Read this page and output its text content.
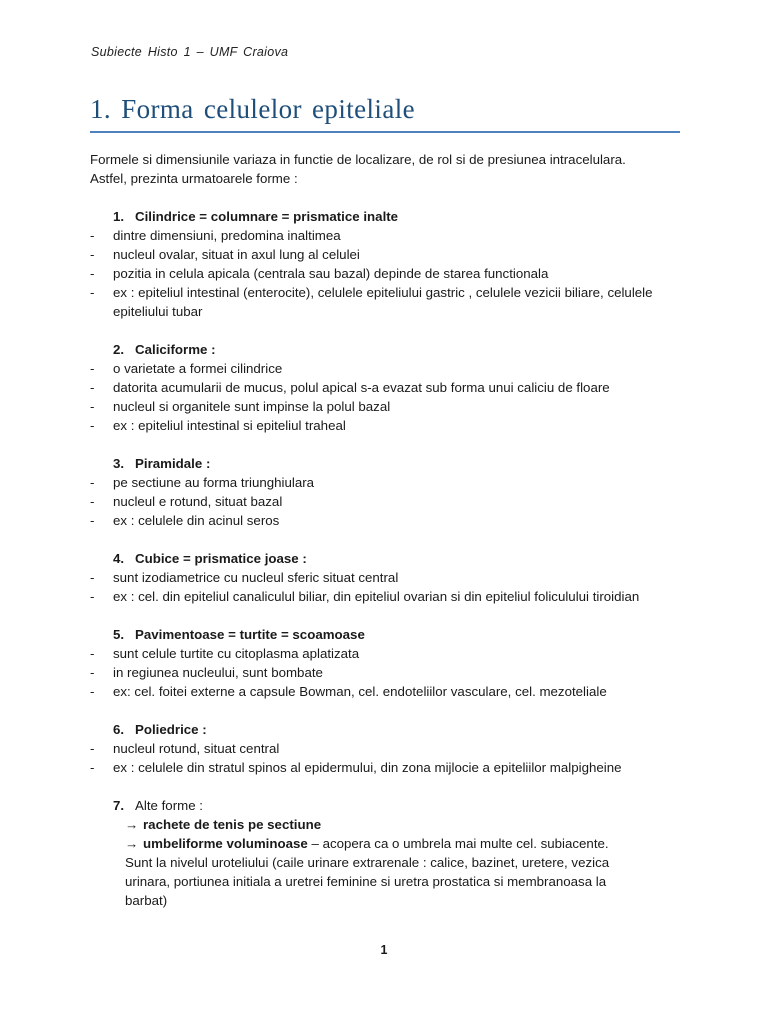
Subiecte Histo 1 – UMF Craiova
1. Forma celulelor epiteliale

Formele si dimensiunile variaza in functie de localizare, de rol si de presiunea intracelulara.

Astfel, prezinta urmatoarele forme :

1. Cilindrice = columnare = prismatice inalte
- dintre dimensiuni, predomina inaltimea
- nucleul ovalar, situat in axul lung al celulei
- pozitia in celula apicala (centrala sau bazal) depinde de starea functionala
- ex : epiteliul intestinal (enterocite), celulele epiteliului gastric , celulele vezicii biliare, celulele epiteliului tubar
2. Caliciforme :
- o varietate a formei cilindrice
- datorita acumularii de mucus, polul apical s-a evazat sub forma unui caliciu de floare
- nucleul si organitele sunt impinse la polul bazal
- ex : epiteliul intestinal si epiteliul traheal
3. Piramidale :
- pe sectiune au forma triunghiulara
- nucleul e rotund, situat bazal
- ex : celulele din acinul seros
4. Cubice = prismatice joase :
- sunt izodiametrice cu nucleul sferic situat central
- ex : cel. din epiteliul canaliculul biliar, din epiteliul ovarian si din epiteliul foliculului tiroidian
5. Pavimentoase = turtite = scoamoase
- sunt celule turtite cu citoplasma aplatizata
- in regiunea nucleului, sunt bombate
- ex: cel. foitei externe a capsule Bowman, cel. endoteliilor vasculare, cel. mezoteliale
6. Poliedrice :
- nucleul rotund, situat central
- ex : celulele din stratul spinos al epidermului, din zona mijlocie a epiteliilor malpigheine
7. Alte forme :
→ rachete de tenis pe sectiune
→ umbeliforme voluminoase – acopera ca o umbrela mai multe cel. subiacente.
Sunt la nivelul uroteliului (caile urinare extrarenale : calice, bazinet, uretere, vezica urinara, portiunea initiala a uretrei feminine si uretra prostatica si membranoasa la barbat)
1
